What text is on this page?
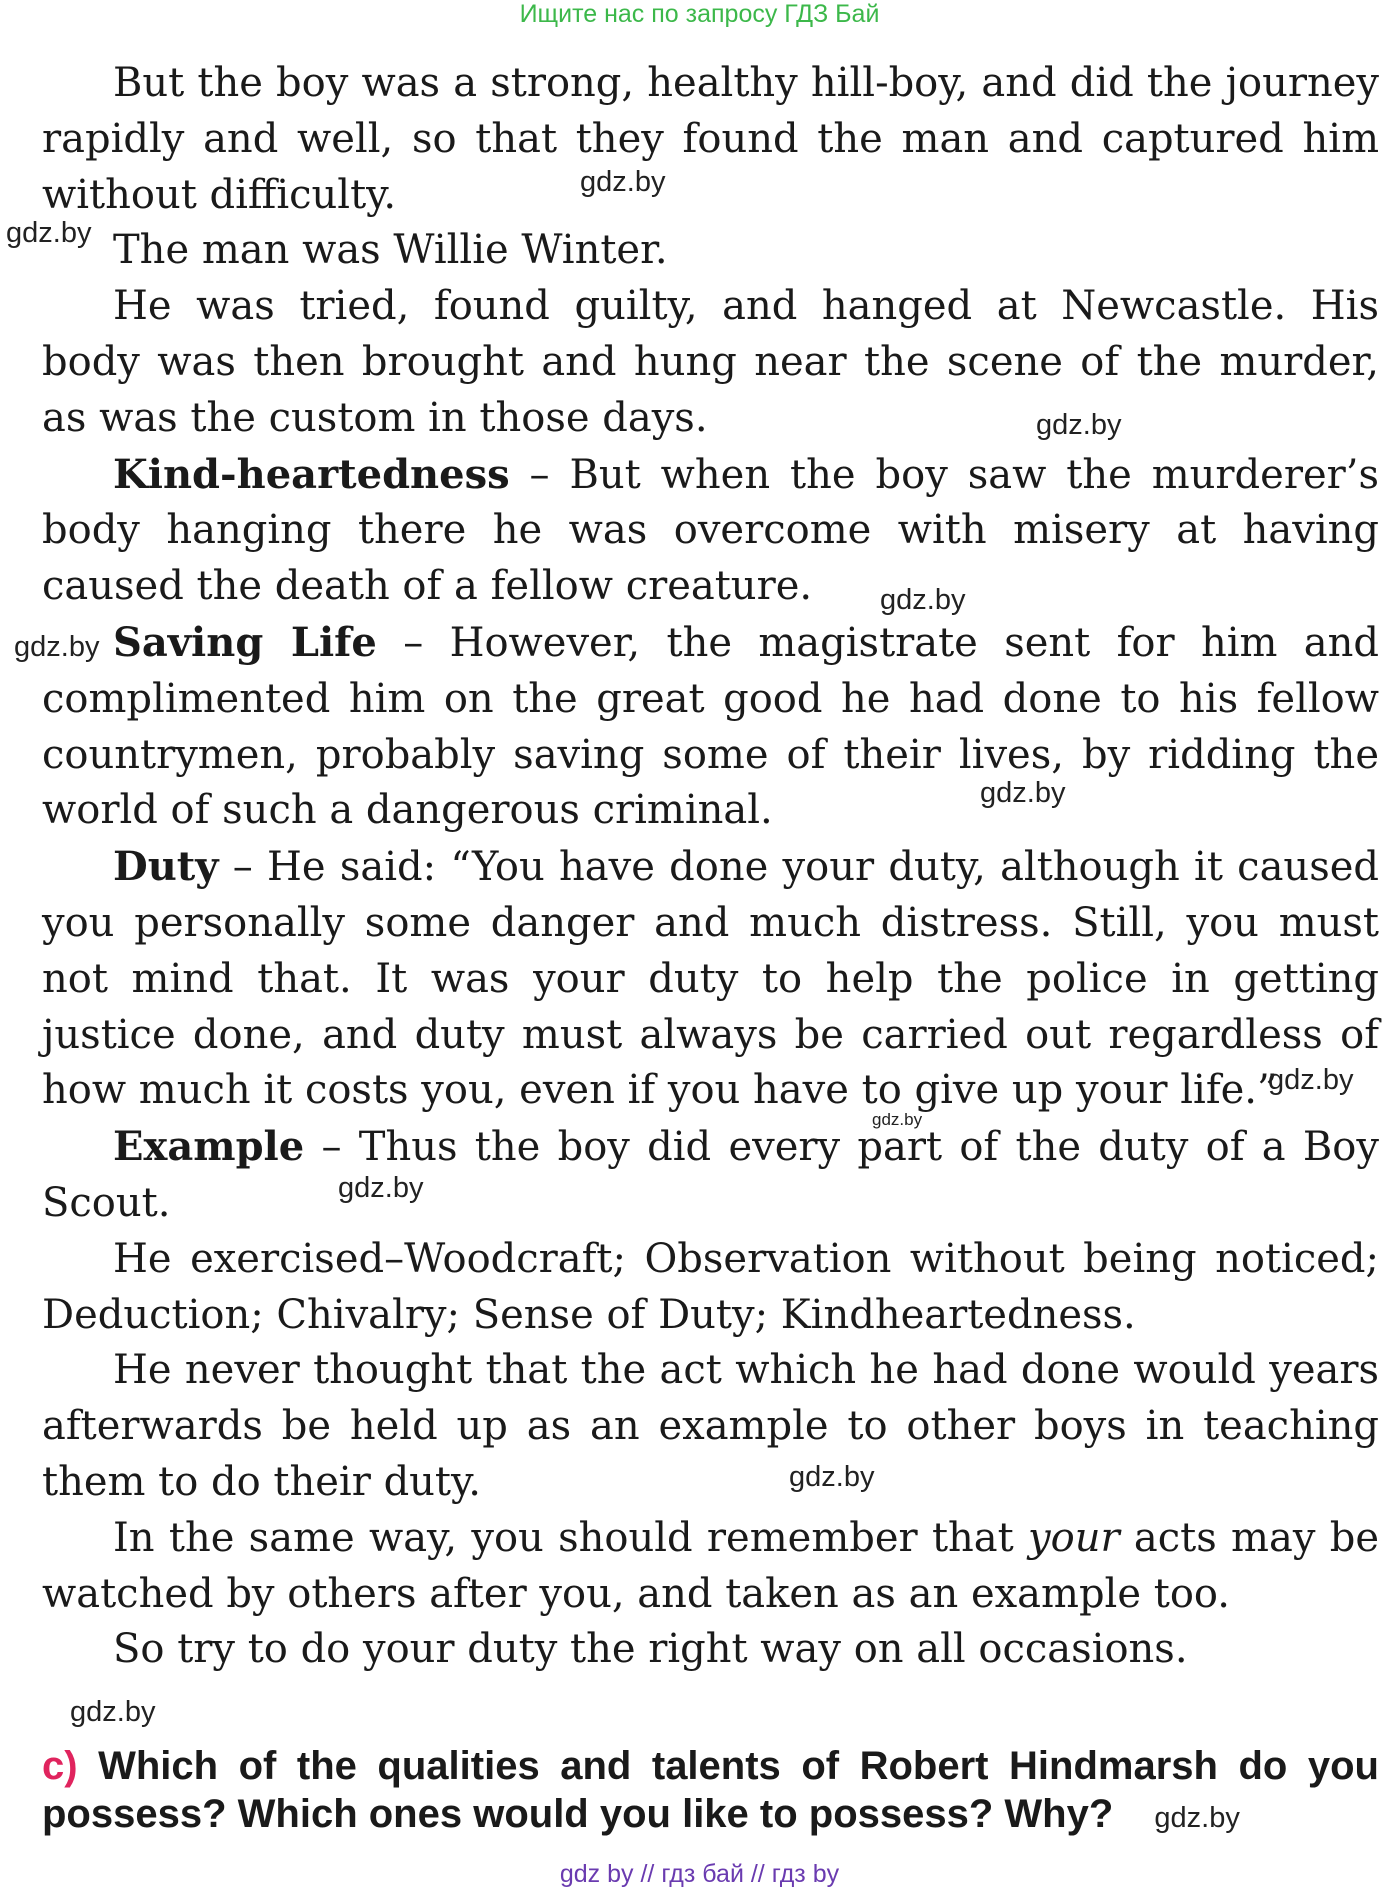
Ищите нас по запросу ГДЗ Бай

But the boy was a strong, healthy hill-boy, and did the journey rapidly and well, so that they found the man and captured him without difficulty.

The man was Willie Winter.

He was tried, found guilty, and hanged at Newcastle. His body was then brought and hung near the scene of the murder, as was the custom in those days.

Kind-heartedness – But when the boy saw the murderer’s body hanging there he was overcome with misery at having caused the death of a fellow creature.

Saving Life – However, the magistrate sent for him and complimented him on the great good he had done to his fellow countrymen, probably saving some of their lives, by ridding the world of such a dangerous criminal.

Duty – He said: “You have done your duty, although it caused you personally some danger and much distress. Still, you must not mind that. It was your duty to help the police in getting justice done, and duty must always be carried out regardless of how much it costs you, even if you have to give up your life.”

Example – Thus the boy did every part of the duty of a Boy Scout.

He exercised–Woodcraft; Observation without being noticed; Deduction; Chivalry; Sense of Duty; Kindheartedness.

He never thought that the act which he had done would years afterwards be held up as an example to other boys in teaching them to do their duty.

In the same way, you should remember that your acts may be watched by others after you, and taken as an example too.

So try to do your duty the right way on all occasions.

gdz.by
gdz.by
gdz.by
gdz.by
gdz.by
gdz.by
gdz.by
gdz.by
gdz.by
gdz.by
gdz.by
c) Which of the qualities and talents of Robert Hindmarsh do you possess? Which ones would you like to possess? Why? gdz.by
gdz by // гдз бай // гдз by
